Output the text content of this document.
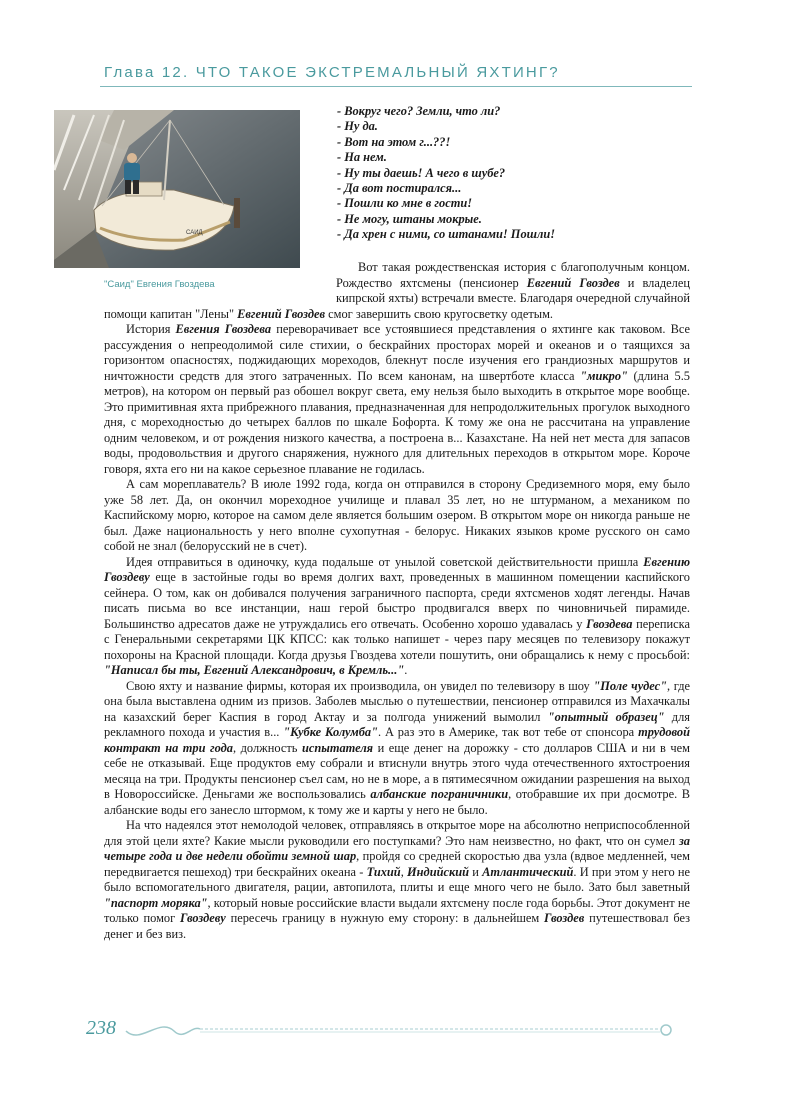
Глава 12. ЧТО ТАКОЕ ЭКСТРЕМАЛЬНЫЙ ЯХТИНГ?
САИД
"Саид" Евгения Гвоздева
- Вокруг чего? Земли, что ли?
- Ну да.
- Вот на этом г...??!
- На нем.
- Ну ты даешь! А чего в шубе?
- Да вот постирался...
- Пошли ко мне в гости!
- Не могу, штаны мокрые.
- Да хрен с ними, со штанами! Пошли!

Вот такая рождественская история с благополучным концом. Рождество яхтсмены (пенсионер Евгений Гвоздев и владелец кипрской яхты) встречали вместе. Благодаря очередной случайной помощи капитан "Лены" Евгений Гвоздев смог завершить свою кругосветку одетым.

История Евгения Гвоздева переворачивает все устоявшиеся представления о яхтинге как таковом. Все рассуждения о непреодолимой силе стихии, о бескрайних просторах морей и океанов и о таящихся за горизонтом опасностях, поджидающих мореходов, блекнут после изучения его грандиозных маршрутов и ничтожности средств для этого затраченных. По всем канонам, на швертботе класса "микро" (длина 5.5 метров), на котором он первый раз обошел вокруг света, ему нельзя было выходить в открытое море вообще. Это примитивная яхта прибрежного плавания, предназначенная для непродолжительных прогулок выходного дня, с мореходностью до четырех баллов по шкале Бофорта. К тому же она не рассчитана на управление одним человеком, и от рождения низкого качества, а построена в... Казахстане. На ней нет места для запасов воды, продовольствия и другого снаряжения, нужного для длительных переходов в открытом море. Короче говоря, яхта его ни на какое серьезное плавание не годилась.

А сам мореплаватель? В июле 1992 года, когда он отправился в сторону Средиземного моря, ему было уже 58 лет. Да, он окончил мореходное училище и плавал 35 лет, но не штурманом, а механиком по Каспийскому морю, которое на самом деле является большим озером. В открытом море он никогда раньше не был. Даже национальность у него вполне сухопутная - белорус. Никаких языков кроме русского он само собой не знал (белорусский не в счет).

Идея отправиться в одиночку, куда подальше от унылой советской действительности пришла Евгению Гвоздеву еще в застойные годы во время долгих вахт, проведенных в машинном помещении каспийского сейнера. О том, как он добивался получения заграничного паспорта, среди яхтсменов ходят легенды. Начав писать письма во все инстанции, наш герой быстро продвигался вверх по чиновничьей пирамиде. Большинство адресатов даже не утруждались его отвечать. Особенно хорошо удавалась у Гвоздева переписка с Генеральными секретарями ЦК КПСС: как только напишет - через пару месяцев по телевизору покажут похороны на Красной площади. Когда друзья Гвоздева хотели пошутить, они обращались к нему с просьбой: "Написал бы ты, Евгений Александрович, в Кремль...".

Свою яхту и название фирмы, которая их производила, он увидел по телевизору в шоу "Поле чудес", где она была выставлена одним из призов. Заболев мыслью о путешествии, пенсионер отправился из Махачкалы на казахский берег Каспия в город Актау и за полгода унижений вымолил "опытный образец" для рекламного похода и участия в... "Кубке Колумба". А раз это в Америке, так вот тебе от спонсора трудовой контракт на три года, должность испытателя и еще денег на дорожку - сто долларов США и ни в чем себе не отказывай. Еще продуктов ему собрали и втиснули внутрь этого чуда отечественного яхтостроения месяца на три. Продукты пенсионер съел сам, но не в море, а в пятимесячном ожидании разрешения на выход в Новороссийске. Деньгами же воспользовались албанские пограничники, отобравшие их при досмотре. В албанские воды его занесло штормом, к тому же и карты у него не было.

На что надеялся этот немолодой человек, отправляясь в открытое море на абсолютно неприспособленной для этой цели яхте? Какие мысли руководили его поступками? Это нам неизвестно, но факт, что он сумел за четыре года и две недели обойти земной шар, пройдя со средней скоростью два узла (вдвое медленней, чем передвигается пешеход) три бескрайних океана - Тихий, Индийский и Атлантический. И при этом у него не было вспомогательного двигателя, рации, автопилота, плиты и еще много чего не было. Зато был заветный "паспорт моряка", который новые российские власти выдали яхтсмену после года борьбы. Этот документ не только помог Гвоздеву пересечь границу в нужную ему сторону: в дальнейшем Гвоздев путешествовал без денег и без виз.

238
